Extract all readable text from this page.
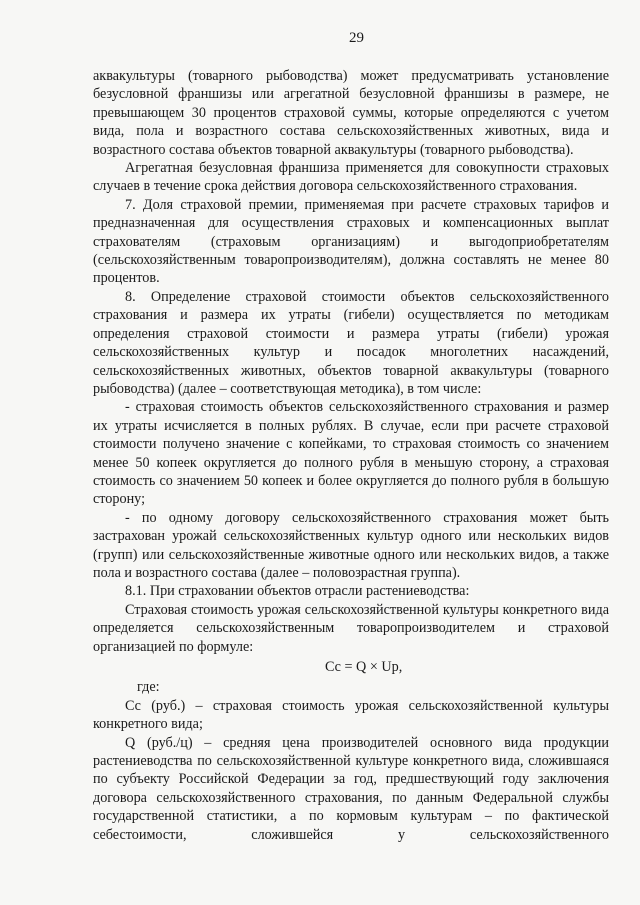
29

аквакультуры (товарного рыбоводства) может предусматривать установление безусловной франшизы или агрегатной безусловной франшизы в размере, не превышающем 30 процентов страховой суммы, которые определяются с учетом вида, пола и возрастного состава сельскохозяйственных животных, вида и возрастного состава объектов товарной аквакультуры (товарного рыбоводства).

Агрегатная безусловная франшиза применяется для совокупности страховых случаев в течение срока действия договора сельскохозяйственного страхования.

7. Доля страховой премии, применяемая при расчете страховых тарифов и предназначенная для осуществления страховых и компенсационных выплат страхователям (страховым организациям) и выгодоприобретателям (сельскохозяйственным товаропроизводителям), должна составлять не менее 80 процентов.

8. Определение страховой стоимости объектов сельскохозяйственного страхования и размера их утраты (гибели) осуществляется по методикам определения страховой стоимости и размера утраты (гибели) урожая сельскохозяйственных культур и посадок многолетних насаждений, сельскохозяйственных животных, объектов товарной аквакультуры (товарного рыбоводства) (далее – соответствующая методика), в том числе:

- страховая стоимость объектов сельскохозяйственного страхования и размер их утраты исчисляется в полных рублях. В случае, если при расчете страховой стоимости получено значение с копейками, то страховая стоимость со значением менее 50 копеек округляется до полного рубля в меньшую сторону, а страховая стоимость со значением 50 копеек и более округляется до полного рубля в большую сторону;

- по одному договору сельскохозяйственного страхования может быть застрахован урожай сельскохозяйственных культур одного или нескольких видов (групп) или сельскохозяйственные животные одного или нескольких видов, а также пола и возрастного состава (далее – половозрастная группа).

8.1. При страховании объектов отрасли растениеводства:

Страховая стоимость урожая сельскохозяйственной культуры конкретного вида определяется сельскохозяйственным товаропроизводителем и страховой организацией по формуле:

Сс = Q × Uр,

где:

Сс (руб.) – страховая стоимость урожая сельскохозяйственной культуры конкретного вида;

Q (руб./ц) – средняя цена производителей основного вида продукции растениеводства по сельскохозяйственной культуре конкретного вида, сложившаяся по субъекту Российской Федерации за год, предшествующий году заключения договора сельскохозяйственного страхования, по данным Федеральной службы государственной статистики, а по кормовым культурам – по фактической себестоимости, сложившейся у сельскохозяйственного
